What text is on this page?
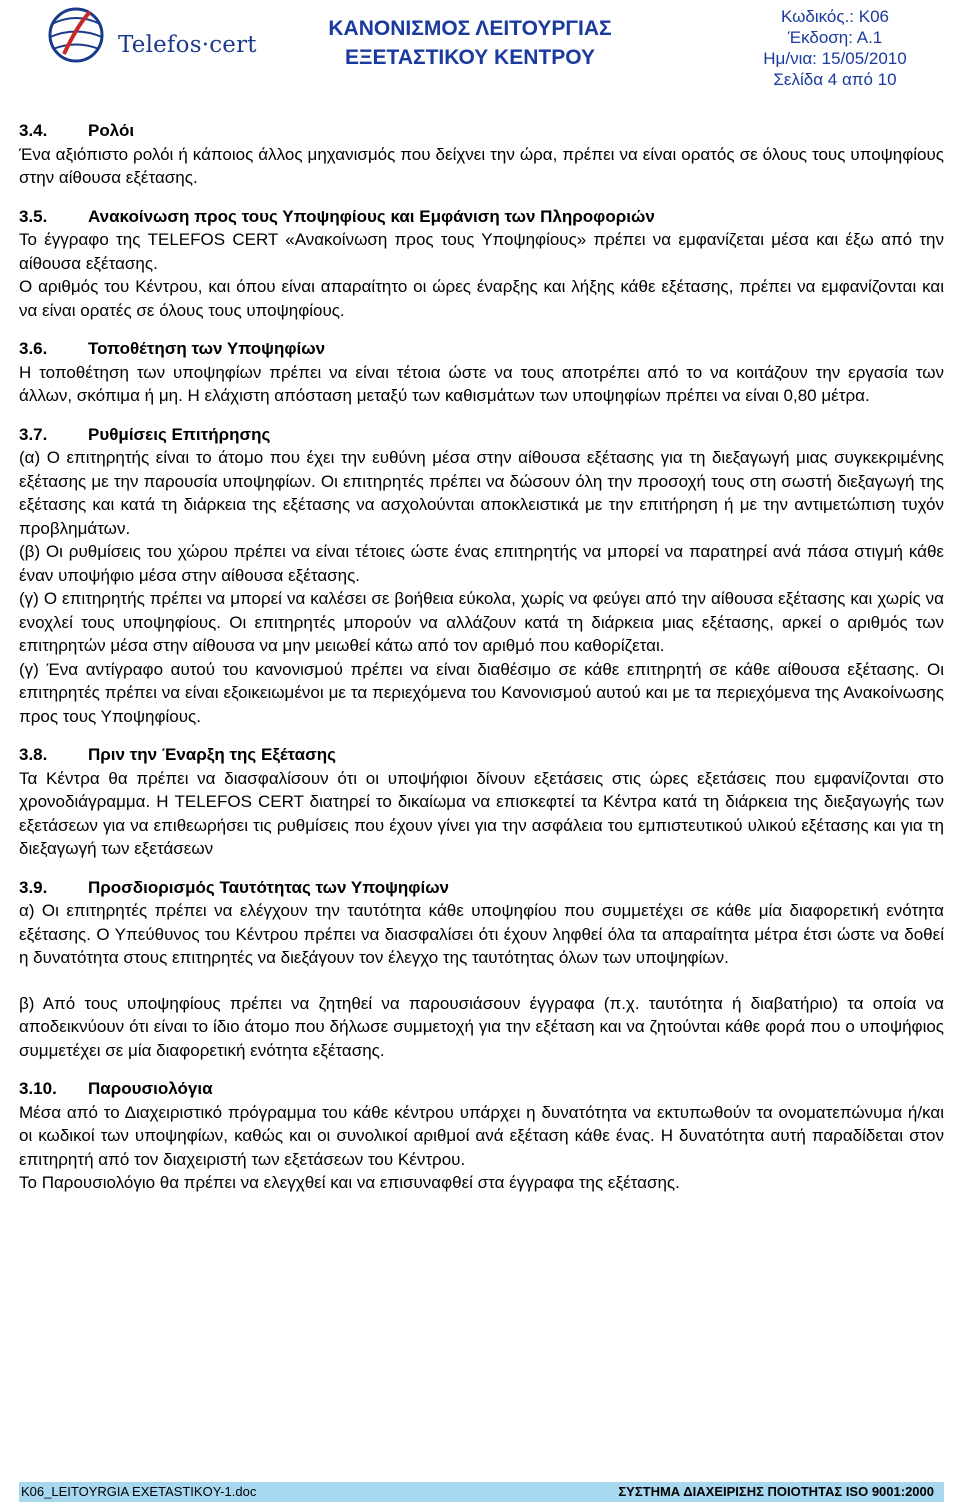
Telefos·cert
ΚΑΝΟΝΙΣΜΟΣ ΛΕΙΤΟΥΡΓΙΑΣ
ΕΞΕΤΑΣΤΙΚΟΥ ΚΕΝΤΡΟΥ
Κωδικός.: Κ06
Έκδοση: Α.1
Ημ/νια: 15/05/2010
Σελίδα 4 από 10
3.4.	Ρολόι

Ένα αξιόπιστο ρολόι ή κάποιος άλλος μηχανισμός που δείχνει την ώρα, πρέπει να είναι ορατός σε όλους τους υποψηφίους στην αίθουσα εξέτασης.

3.5.	Ανακοίνωση προς τους Υποψηφίους και Εμφάνιση των Πληροφοριών

Το έγγραφο της TELEFOS CERT «Ανακοίνωση προς τους Υποψηφίους» πρέπει να εμφανίζεται μέσα και έξω από την αίθουσα εξέτασης.

Ο αριθμός του Κέντρου, και όπου είναι απαραίτητο οι ώρες έναρξης και λήξης κάθε εξέτασης, πρέπει να εμφανίζονται και να είναι ορατές σε όλους τους υποψηφίους.

3.6.	Τοποθέτηση των Υποψηφίων

Η τοποθέτηση των υποψηφίων πρέπει να είναι τέτοια ώστε να τους αποτρέπει από το να κοιτάζουν την εργασία των άλλων, σκόπιμα ή μη. Η ελάχιστη απόσταση μεταξύ των καθισμάτων των υποψηφίων πρέπει να είναι 0,80 μέτρα.

3.7.	Ρυθμίσεις Επιτήρησης

(α) Ο επιτηρητής είναι το άτομο που έχει την ευθύνη μέσα στην αίθουσα εξέτασης για τη διεξαγωγή μιας συγκεκριμένης εξέτασης με την παρουσία υποψηφίων. Οι επιτηρητές πρέπει να δώσουν όλη την προσοχή τους στη σωστή διεξαγωγή της εξέτασης και κατά τη διάρκεια της εξέτασης να ασχολούνται αποκλειστικά με την επιτήρηση ή με την αντιμετώπιση τυχόν προβλημάτων.

(β) Οι ρυθμίσεις του χώρου πρέπει να είναι τέτοιες ώστε ένας επιτηρητής να μπορεί να παρατηρεί ανά πάσα στιγμή κάθε έναν υποψήφιο μέσα στην αίθουσα εξέτασης.

(γ) Ο επιτηρητής πρέπει να μπορεί να καλέσει σε βοήθεια εύκολα, χωρίς να φεύγει από την αίθουσα εξέτασης και χωρίς να ενοχλεί τους υποψηφίους. Οι επιτηρητές μπορούν να αλλάζουν κατά τη διάρκεια μιας εξέτασης, αρκεί ο αριθμός των επιτηρητών μέσα στην αίθουσα να μην μειωθεί κάτω από τον αριθμό που καθορίζεται.

(γ) Ένα αντίγραφο αυτού του κανονισμού πρέπει να είναι διαθέσιμο σε κάθε επιτηρητή σε κάθε αίθουσα εξέτασης. Οι επιτηρητές πρέπει να είναι εξοικειωμένοι με τα περιεχόμενα του Κανονισμού αυτού και με τα περιεχόμενα της Ανακοίνωσης προς τους Υποψηφίους.

3.8.	Πριν την Έναρξη της Εξέτασης

Τα Κέντρα θα πρέπει να διασφαλίσουν ότι οι υποψήφιοι δίνουν εξετάσεις στις ώρες εξετάσεις που εμφανίζονται στο χρονοδιάγραμμα. Η TELEFOS CERT διατηρεί το δικαίωμα να επισκεφτεί τα Κέντρα κατά τη διάρκεια της διεξαγωγής των εξετάσεων για να επιθεωρήσει τις ρυθμίσεις που έχουν γίνει για την ασφάλεια του εμπιστευτικού υλικού εξέτασης και για τη διεξαγωγή των εξετάσεων

3.9.	Προσδιορισμός Ταυτότητας των Υποψηφίων

α) Οι επιτηρητές πρέπει να ελέγχουν την ταυτότητα κάθε υποψηφίου που συμμετέχει σε κάθε μία διαφορετική ενότητα εξέτασης. Ο Υπεύθυνος του Κέντρου πρέπει να διασφαλίσει ότι έχουν ληφθεί όλα τα απαραίτητα μέτρα έτσι ώστε να δοθεί η δυνατότητα στους επιτηρητές να διεξάγουν τον έλεγχο της ταυτότητας όλων των υποψηφίων.

β) Από τους υποψηφίους πρέπει να ζητηθεί να παρουσιάσουν έγγραφα (π.χ. ταυτότητα ή διαβατήριο) τα οποία να αποδεικνύουν ότι είναι το ίδιο άτομο που δήλωσε συμμετοχή για την εξέταση και να ζητούνται κάθε φορά που ο υποψήφιος συμμετέχει σε μία διαφορετική ενότητα εξέτασης.

3.10.	Παρουσιολόγια

Μέσα από το Διαχειριστικό πρόγραμμα του κάθε κέντρου υπάρχει η δυνατότητα να εκτυπωθούν τα ονοματεπώνυμα ή/και οι κωδικοί των υποψηφίων, καθώς και οι συνολικοί αριθμοί ανά εξέταση κάθε ένας. Η δυνατότητα αυτή παραδίδεται στον επιτηρητή από τον διαχειριστή των εξετάσεων του Κέντρου.

Το Παρουσιολόγιο θα πρέπει να ελεγχθεί και να επισυναφθεί στα έγγραφα της εξέτασης.

K06_LEITOYRGIA EXETASTIKOY-1.doc	ΣΥΣΤΗΜΑ ΔΙΑΧΕΙΡΙΣΗΣ ΠΟΙΟΤΗΤΑΣ ISO 9001:2000
